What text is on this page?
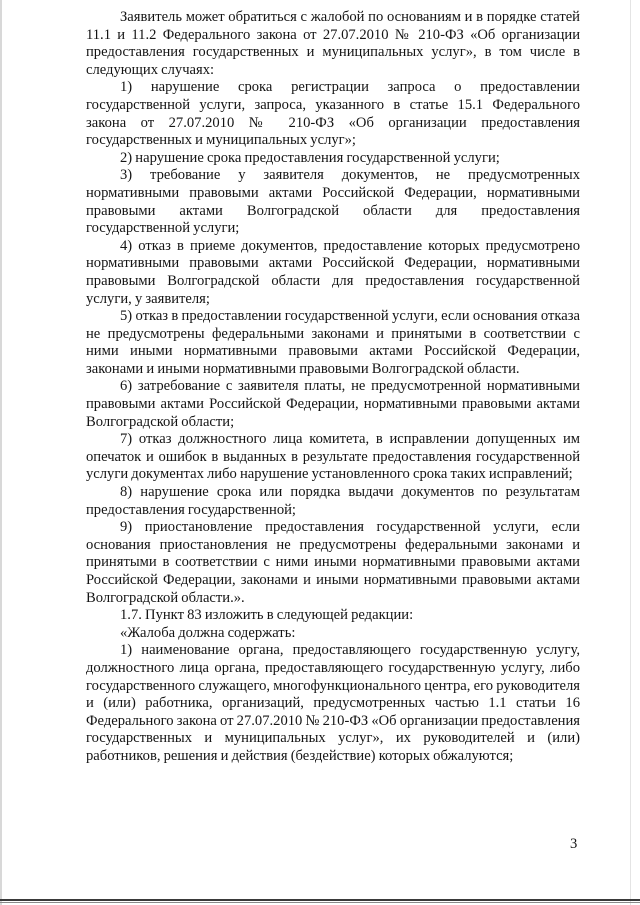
Заявитель может обратиться с жалобой по основаниям и в порядке статей 11.1 и 11.2 Федерального закона от 27.07.2010 № 210-ФЗ «Об организации предоставления государственных и муниципальных услуг», в том числе в следующих случаях:

1) нарушение срока регистрации запроса о предоставлении государственной услуги, запроса, указанного в статье 15.1 Федерального закона от 27.07.2010 № 210-ФЗ «Об организации предоставления государственных и муниципальных услуг»;

2) нарушение срока предоставления государственной услуги;

3) требование у заявителя документов, не предусмотренных нормативными правовыми актами Российской Федерации, нормативными правовыми актами Волгоградской области для предоставления государственной услуги;

4) отказ в приеме документов, предоставление которых предусмотрено нормативными правовыми актами Российской Федерации, нормативными правовыми Волгоградской области для предоставления государственной услуги, у заявителя;

5) отказ в предоставлении государственной услуги, если основания отказа не предусмотрены федеральными законами и принятыми в соответствии с ними иными нормативными правовыми актами Российской Федерации, законами и иными нормативными правовыми Волгоградской области.

6) затребование с заявителя платы, не предусмотренной нормативными правовыми актами Российской Федерации, нормативными правовыми актами Волгоградской области;

7) отказ должностного лица комитета, в исправлении допущенных им опечаток и ошибок в выданных в результате предоставления государственной услуги документах либо нарушение установленного срока таких исправлений;

8) нарушение срока или порядка выдачи документов по результатам предоставления государственной;

9) приостановление предоставления государственной услуги, если основания приостановления не предусмотрены федеральными законами и принятыми в соответствии с ними иными нормативными правовыми актами Российской Федерации, законами и иными нормативными правовыми актами Волгоградской области.».

1.7. Пункт 83 изложить в следующей редакции:

«Жалоба должна содержать:

1) наименование органа, предоставляющего государственную услугу, должностного лица органа, предоставляющего государственную услугу, либо государственного служащего, многофункционального центра, его руководителя и (или) работника, организаций, предусмотренных частью 1.1 статьи 16 Федерального закона от 27.07.2010 № 210-ФЗ «Об организации предоставления государственных и муниципальных услуг», их руководителей и (или) работников, решения и действия (бездействие) которых обжалуются;

3
